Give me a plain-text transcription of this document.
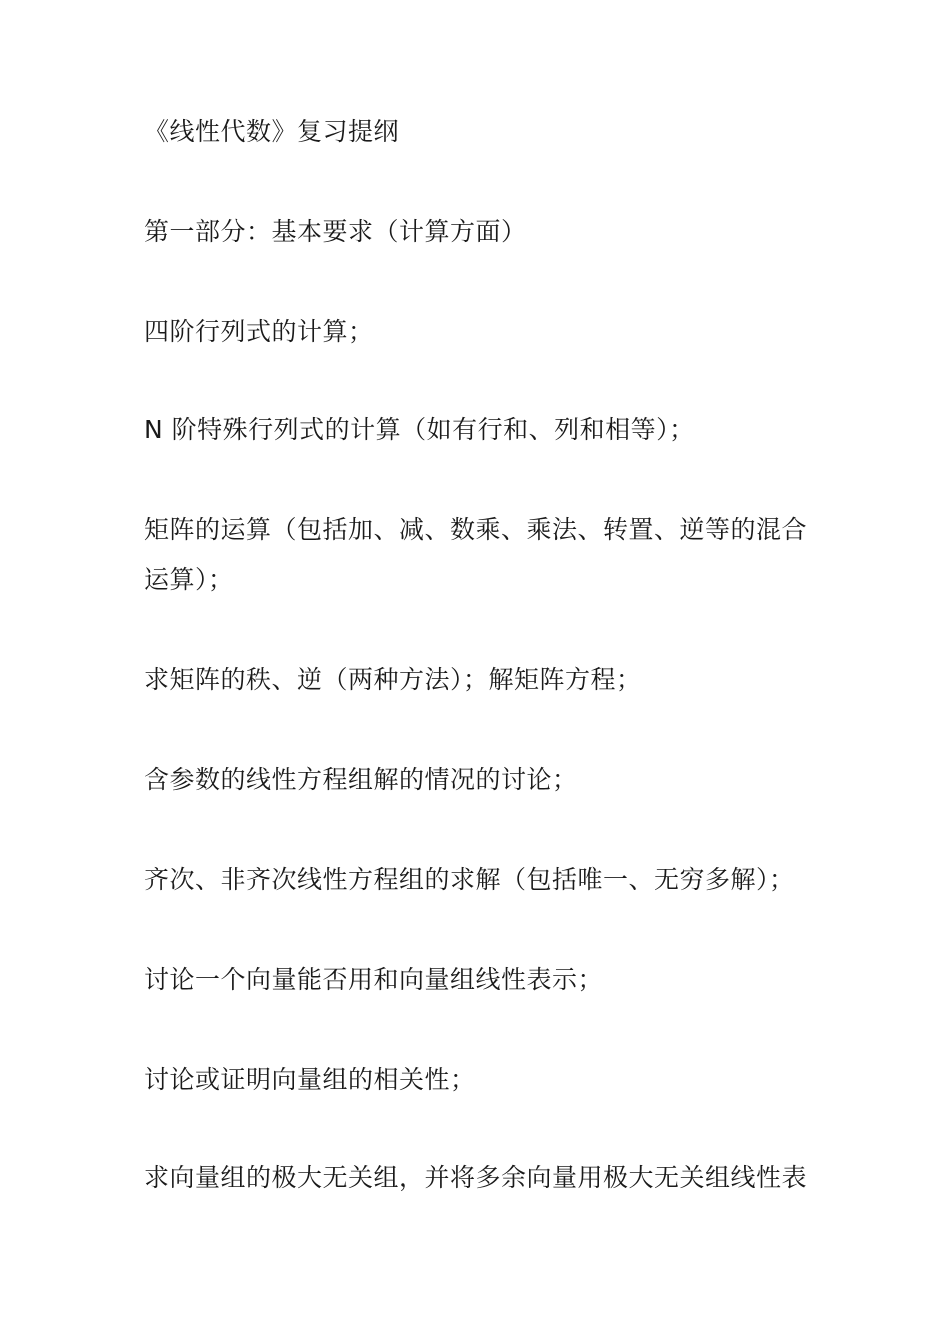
《线性代数》复习提纲
第一部分：基本要求（计算方面）
四阶行列式的计算；
N 阶特殊行列式的计算（如有行和、列和相等）；
矩阵的运算（包括加、减、数乘、乘法、转置、逆等的混合运算）；
求矩阵的秩、逆（两种方法）；解矩阵方程；
含参数的线性方程组解的情况的讨论；
齐次、非齐次线性方程组的求解（包括唯一、无穷多解）；
讨论一个向量能否用和向量组线性表示；
讨论或证明向量组的相关性；
求向量组的极大无关组，并将多余向量用极大无关组线性表
